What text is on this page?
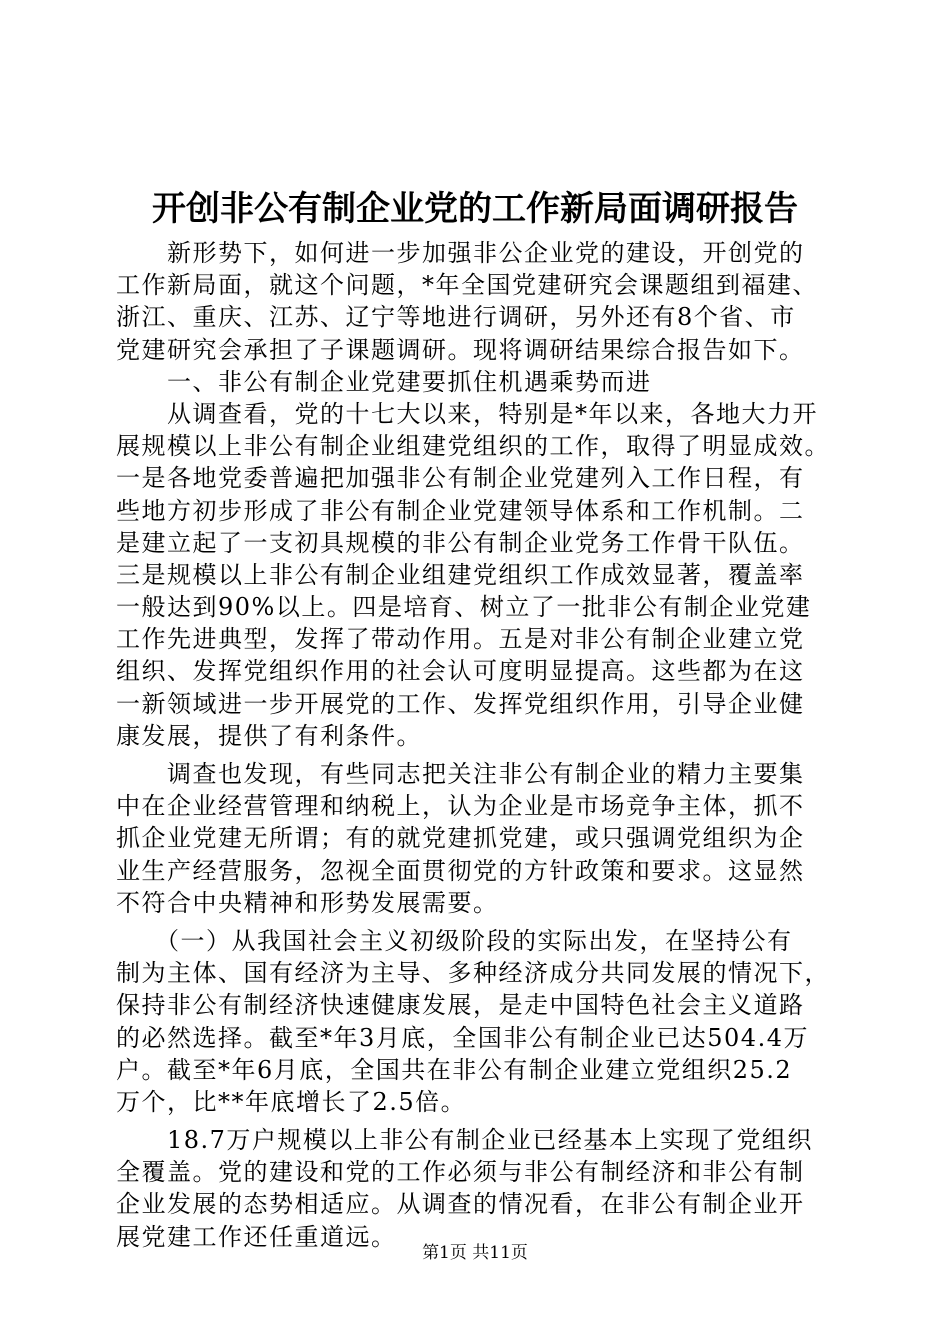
开创非公有制企业党的工作新局面调研报告
　　新形势下，如何进一步加强非公企业党的建设，开创党的
工作新局面，就这个问题，*年全国党建研究会课题组到福建、
浙江、重庆、江苏、辽宁等地进行调研，另外还有8个省、市
党建研究会承担了子课题调研。现将调研结果综合报告如下。
　　一、非公有制企业党建要抓住机遇乘势而进
　　从调查看，党的十七大以来，特别是*年以来，各地大力开
展规模以上非公有制企业组建党组织的工作，取得了明显成效。
一是各地党委普遍把加强非公有制企业党建列入工作日程，有
些地方初步形成了非公有制企业党建领导体系和工作机制。二
是建立起了一支初具规模的非公有制企业党务工作骨干队伍。
三是规模以上非公有制企业组建党组织工作成效显著，覆盖率
一般达到90%以上。四是培育、树立了一批非公有制企业党建
工作先进典型，发挥了带动作用。五是对非公有制企业建立党
组织、发挥党组织作用的社会认可度明显提高。这些都为在这
一新领域进一步开展党的工作、发挥党组织作用，引导企业健
康发展，提供了有利条件。
　　调查也发现，有些同志把关注非公有制企业的精力主要集
中在企业经营管理和纳税上，认为企业是市场竞争主体，抓不
抓企业党建无所谓；有的就党建抓党建，或只强调党组织为企
业生产经营服务，忽视全面贯彻党的方针政策和要求。这显然
不符合中央精神和形势发展需要。
　　（一）从我国社会主义初级阶段的实际出发，在坚持公有
制为主体、国有经济为主导、多种经济成分共同发展的情况下，
保持非公有制经济快速健康发展，是走中国特色社会主义道路
的必然选择。截至*年3月底，全国非公有制企业已达504.4万
户。截至*年6月底，全国共在非公有制企业建立党组织25.2
万个，比**年底增长了2.5倍。
　　18.7万户规模以上非公有制企业已经基本上实现了党组织
全覆盖。党的建设和党的工作必须与非公有制经济和非公有制
企业发展的态势相适应。从调查的情况看，在非公有制企业开
展党建工作还任重道远。
第1页 共11页
